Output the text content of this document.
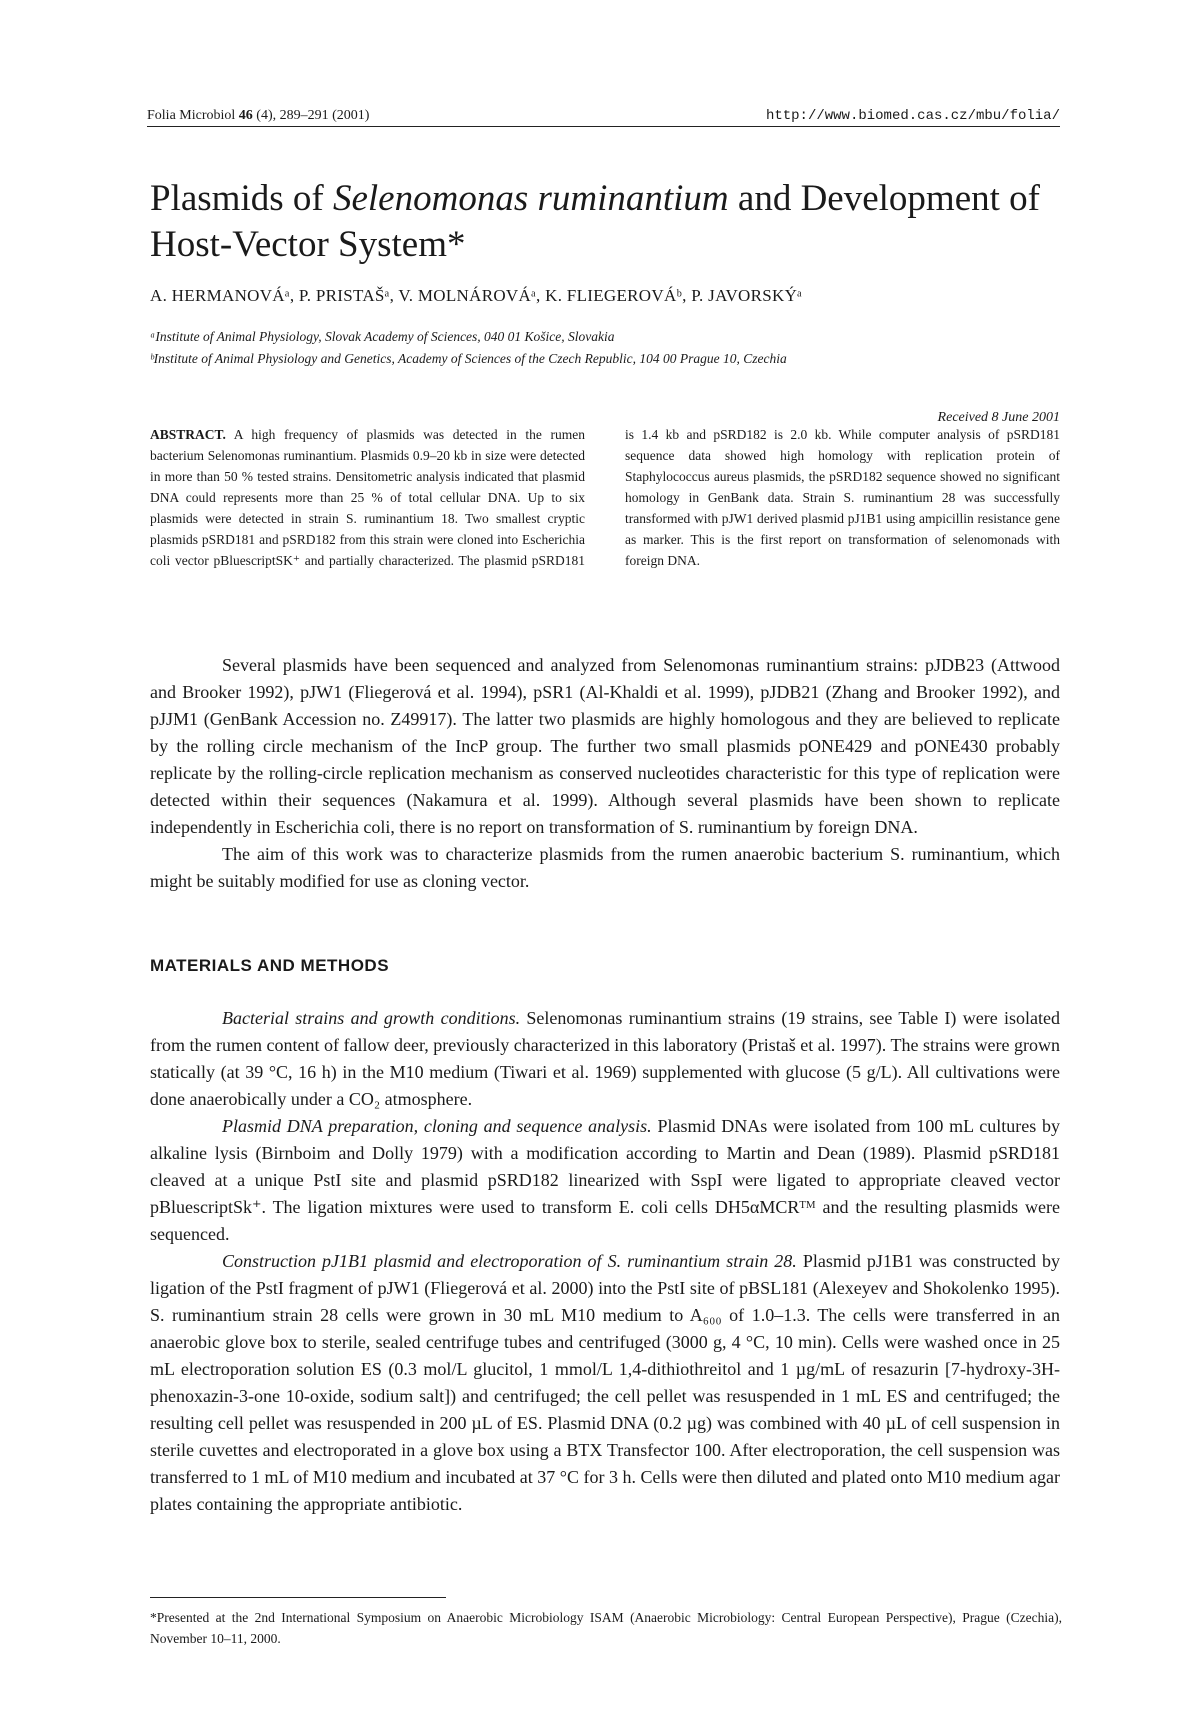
Folia Microbiol 46 (4), 289–291 (2001)	http://www.biomed.cas.cz/mbu/folia/
Plasmids of Selenomonas ruminantium and Development of Host-Vector System*
A. HERMANOVÁᵃ, P. PRISTAŠᵃ, V. MOLNÁROVÁᵃ, K. FLIEGEROVÁᵇ, P. JAVORSKÝᵃ
ᵃInstitute of Animal Physiology, Slovak Academy of Sciences, 040 01 Košice, Slovakia
ᵇInstitute of Animal Physiology and Genetics, Academy of Sciences of the Czech Republic, 104 00 Prague 10, Czechia
Received 8 June 2001
ABSTRACT. A high frequency of plasmids was detected in the rumen bacterium Selenomonas ruminantium. Plasmids 0.9–20 kb in size were detected in more than 50 % tested strains. Densitometric analysis indicated that plasmid DNA could represents more than 25 % of total cellular DNA. Up to six plasmids were detected in strain S. ruminantium 18. Two smallest cryptic plasmids pSRD181 and pSRD182 from this strain were cloned into Escherichia coli vector pBluescriptSK⁺ and partially characterized. The plasmid pSRD181 is 1.4 kb and pSRD182 is 2.0 kb. While computer analysis of pSRD181 sequence data showed high homology with replication protein of Staphylococcus aureus plasmids, the pSRD182 sequence showed no significant homology in GenBank data. Strain S. ruminantium 28 was successfully transformed with pJW1 derived plasmid pJ1B1 using ampicillin resistance gene as marker. This is the first report on transformation of selenomonads with foreign DNA.

Several plasmids have been sequenced and analyzed from Selenomonas ruminantium strains: pJDB23 (Attwood and Brooker 1992), pJW1 (Fliegerová et al. 1994), pSR1 (Al-Khaldi et al. 1999), pJDB21 (Zhang and Brooker 1992), and pJJM1 (GenBank Accession no. Z49917). The latter two plasmids are highly homologous and they are believed to replicate by the rolling circle mechanism of the IncP group. The further two small plasmids pONE429 and pONE430 probably replicate by the rolling-circle replication mechanism as conserved nucleotides characteristic for this type of replication were detected within their sequences (Nakamura et al. 1999). Although several plasmids have been shown to replicate independently in Escherichia coli, there is no report on transformation of S. ruminantium by foreign DNA.

The aim of this work was to characterize plasmids from the rumen anaerobic bacterium S. ruminantium, which might be suitably modified for use as cloning vector.

MATERIALS AND METHODS

Bacterial strains and growth conditions. Selenomonas ruminantium strains (19 strains, see Table I) were isolated from the rumen content of fallow deer, previously characterized in this laboratory (Pristaš et al. 1997). The strains were grown statically (at 39 °C, 16 h) in the M10 medium (Tiwari et al. 1969) supplemented with glucose (5 g/L). All cultivations were done anaerobically under a CO₂ atmosphere.

Plasmid DNA preparation, cloning and sequence analysis. Plasmid DNAs were isolated from 100 mL cultures by alkaline lysis (Birnboim and Dolly 1979) with a modification according to Martin and Dean (1989). Plasmid pSRD181 cleaved at a unique PstI site and plasmid pSRD182 linearized with SspI were ligated to appropriate cleaved vector pBluescriptSk⁺. The ligation mixtures were used to transform E. coli cells DH5αMCRᵀᴹ and the resulting plasmids were sequenced.

Construction pJ1B1 plasmid and electroporation of S. ruminantium strain 28. Plasmid pJ1B1 was constructed by ligation of the PstI fragment of pJW1 (Fliegerová et al. 2000) into the PstI site of pBSL181 (Alexeyev and Shokolenko 1995). S. ruminantium strain 28 cells were grown in 30 mL M10 medium to A₆₀₀ of 1.0–1.3. The cells were transferred in an anaerobic glove box to sterile, sealed centrifuge tubes and centrifuged (3000 g, 4 °C, 10 min). Cells were washed once in 25 mL electroporation solution ES (0.3 mol/L glucitol, 1 mmol/L 1,4-dithiothreitol and 1 µg/mL of resazurin [7-hydroxy-3H-phenoxazin-3-one 10-oxide, sodium salt]) and centrifuged; the cell pellet was resuspended in 1 mL ES and centrifuged; the resulting cell pellet was resuspended in 200 µL of ES. Plasmid DNA (0.2 µg) was combined with 40 µL of cell suspension in sterile cuvettes and electroporated in a glove box using a BTX Transfector 100. After electroporation, the cell suspension was transferred to 1 mL of M10 medium and incubated at 37 °C for 3 h. Cells were then diluted and plated onto M10 medium agar plates containing the appropriate antibiotic.

*Presented at the 2nd International Symposium on Anaerobic Microbiology ISAM (Anaerobic Microbiology: Central European Perspective), Prague (Czechia), November 10–11, 2000.
